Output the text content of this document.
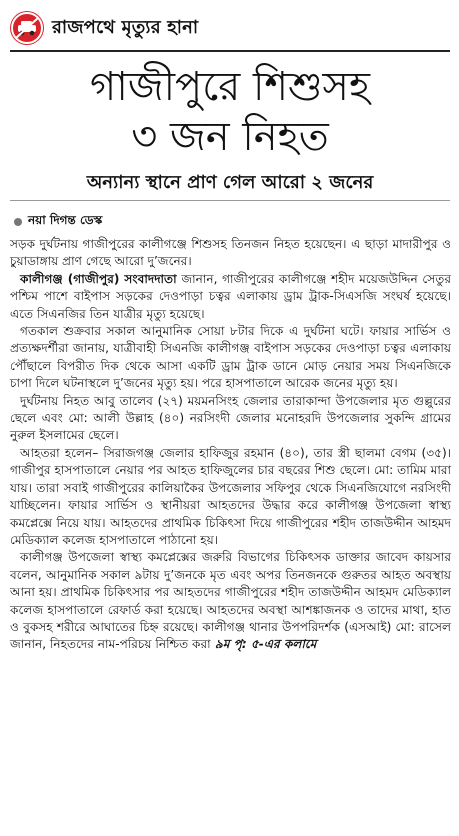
রাজপথে মৃত্যুর হানা
গাজীপুরে শিশুসহ
৩ জন নিহত
অন্যান্য স্থানে প্রাণ গেল আরো ২ জনের
নয়া দিগন্ত ডেস্ক

সড়ক দুর্ঘটনায় গাজীপুরের কালীগঞ্জে শিশুসহ তিনজন নিহত হয়েছেন। এ ছাড়া মাদারীপুর ও চুয়াডাঙ্গায় প্রাণ গেছে আরো দু’জনের।

কালীগঞ্জ (গাজীপুর) সংবাদদাতা জানান, গাজীপুরের কালীগঞ্জে শহীদ ময়েজউদ্দিন সেতুর পশ্চিম পাশে বাইপাস সড়কের দেওপাড়া চত্বর এলাকায় ড্রাম ট্রাক-সিএসজি সংঘর্ষ হয়েছে। এতে সিএনজির তিন যাত্রীর মৃত্যু হয়েছে।

গতকাল শুক্রবার সকাল আনুমানিক সোয়া ৮টার দিকে এ দুর্ঘটনা ঘটে। ফায়ার সার্ভিস ও প্রত্যক্ষদর্শীরা জানায়, যাত্রীবাহী সিএনজি কালীগঞ্জ বাইপাস সড়কের দেওপাড়া চত্বর এলাকায় পৌঁছালে বিপরীত দিক থেকে আসা একটি ড্রাম ট্রাক ডানে মোড় নেয়ার সময় সিএনজিকে চাপা দিলে ঘটনাস্থলে দু’জনের মৃত্যু হয়। পরে হাসপাতালে আরেক জনের মৃত্যু হয়।

দুর্ঘটনায় নিহত আবু তালেব (২৭) ময়মনসিংহ জেলার তারাকান্দা উপজেলার মৃত গুল্লুরের ছেলে এবং মো: আলী উল্লাহ (৪০) নরসিংদী জেলার মনোহরদি উপজেলার সুকন্দি গ্রামের নুরুল ইসলামের ছেলে।

আহতরা হলেন– সিরাজগঞ্জ জেলার হাফিজুর রহমান (৪০), তার স্ত্রী ছালমা বেগম (৩৫)। গাজীপুর হাসপাতালে নেয়ার পর আহত হাফিজুলের চার বছরের শিশু ছেলে। মো: তামিম মারা যায়। তারা সবাই গাজীপুরের কালিয়াকৈর উপজেলার সফিপুর থেকে সিএনজিযোগে নরসিংদী যাচ্ছিলেন। ফায়ার সার্ভিস ও স্থানীয়রা আহতদের উদ্ধার করে কালীগঞ্জ উপজেলা স্বাস্থ্য কমপ্লেক্সে নিয়ে যায়। আহতদের প্রাথমিক চিকিৎসা দিয়ে গাজীপুরের শহীদ তাজউদ্দীন আহমদ মেডিক্যাল কলেজ হাসপাতালে পাঠানো হয়।

কালীগঞ্জ উপজেলা স্বাস্থ্য কমপ্লেক্সের জরুরি বিভাগের চিকিৎসক ডাক্তার জাবেদ কায়সার বলেন, আনুমানিক সকাল ৯টায় দু’জনকে মৃত এবং অপর তিনজনকে গুরুতর আহত অবস্থায় আনা হয়। প্রাথমিক চিকিৎসার পর আহতদের গাজীপুরের শহীদ তাজউদ্দীন আহমদ মেডিক্যাল কলেজ হাসপাতালে রেফার্ড করা হয়েছে। আহতদের অবস্থা আশঙ্কাজনক ও তাদের মাথা, হাত ও বুকসহ শরীরে আঘাতের চিহ্ন রয়েছে। কালীগঞ্জ থানার উপপরিদর্শক (এসআই) মো: রাসেল জানান, নিহতদের নাম-পরিচয় নিশ্চিত করা ৯ম পৃ: ৫-এর কলামে
